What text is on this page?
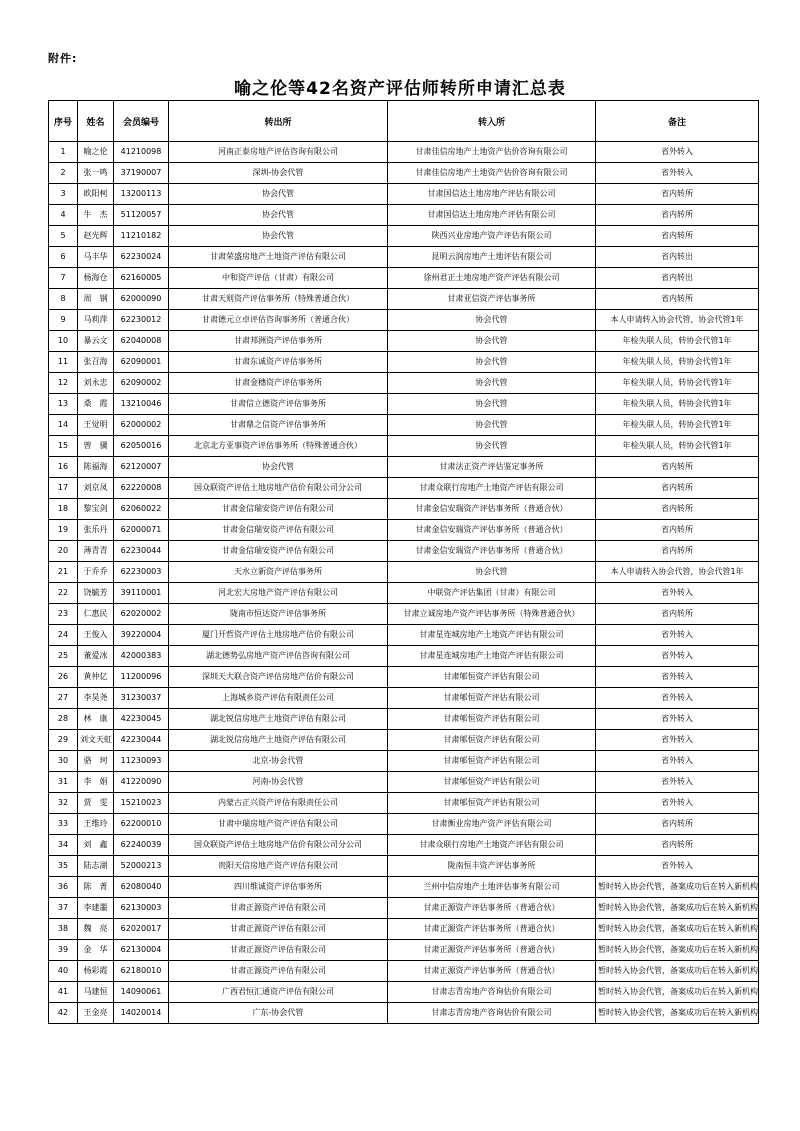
附件:
喻之伦等42名资产评估师转所申请汇总表
序号	姓名	会员编号	转出所	转入所	备注
1	喻之伦	41210098	河南正泰房地产评估咨询有限公司	甘肃佳信房地产土地资产估价咨询有限公司	省外转入
2	张一鸣	37190007	深圳-协会代管	甘肃佳信房地产土地资产估价咨询有限公司	省外转入
3	欧阳柯	13200113	协会代管	甘肃国信达土地房地产评估有限公司	省内转所
4	牛　杰	51120057	协会代管	甘肃国信达土地房地产评估有限公司	省内转所
5	赵光辉	11210182	协会代管	陕西兴业房地产资产评估有限公司	省内转所
6	马丰华	62230024	甘肃荣盛房地产土地资产评估有限公司	昆明云润房地产土地评估有限公司	省内转出
7	杨海仓	62160005	中和资产评估（甘肃）有限公司	徐州君正土地房地产资产评估有限公司	省内转出
8	周　钢	62000090	甘肃天则资产评估事务所（特殊普通合伙）	甘肃亚信资产评估事务所	省内转所
9	马莉萍	62230012	甘肃德元立卓评估咨询事务所（普通合伙）	协会代管	本人申请转入协会代管，协会代管1年
10	暴云文	62040008	甘肃邦洲资产评估事务所	协会代管	年检失联人员，转协会代管1年
11	张召海	62090001	甘肃东诚资产评估事务所	协会代管	年检失联人员，转协会代管1年
12	刘永忠	62090002	甘肃金穗资产评估事务所	协会代管	年检失联人员，转协会代管1年
13	桑　霞	13210046	甘肃信立德资产评估事务所	协会代管	年检失联人员，转协会代管1年
14	王觉明	62000002	甘肃鼎之信资产评估事务所	协会代管	年检失联人员，转协会代管1年
15	曾　骥	62050016	北京北方亚事资产评估事务所（特殊普通合伙）	协会代管	年检失联人员，转协会代管1年
16	陈福海	62120007	协会代管	甘肃法正资产评估鉴定事务所	省内转所
17	刘京凤	62220008	国众联资产评估土地房地产估价有限公司分公司	甘肃众联行房地产土地资产评估有限公司	省内转所
18	黎宝剑	62060022	甘肃金信瑞安资产评估有限公司	甘肃金信安瑞资产评估事务所（普通合伙）	省内转所
19	张乐丹	62000071	甘肃金信瑞安资产评估有限公司	甘肃金信安瑞资产评估事务所（普通合伙）	省内转所
20	薄青青	62230044	甘肃金信瑞安资产评估有限公司	甘肃金信安瑞资产评估事务所（普通合伙）	省内转所
21	于乔乔	62230003	天水立新资产评估事务所	协会代管	本人申请转入协会代管，协会代管1年
22	饶毓芳	39110001	河北宏大房地产资产评估有限公司	中联资产评估集团（甘肃）有限公司	省外转入
23	仁惠民	62020002	陇南市恒达资产评估事务所	甘肃立诚房地产资产评估事务所（特殊普通合伙）	省内转所
24	王俊入	39220004	厦门开哲资产评估土地房地产估价有限公司	甘肃星连城房地产土地资产评估有限公司	省外转入
25	董爱冰	42000383	湖北德势弘房地产资产评估咨询有限公司	甘肃星连城房地产土地资产评估有限公司	省外转入
26	黄仲亿	11200096	深圳天大联合资产评估房地产估价有限公司	甘肃郇恒资产评估有限公司	省外转入
27	李昊尧	31230037	上海城乡资产评估有限责任公司	甘肃郇恒资产评估有限公司	省外转入
28	林　康	42230045	湖北锐信房地产土地资产评估有限公司	甘肃郇恒资产评估有限公司	省外转入
29	刘文天虹	42230044	湖北锐信房地产土地资产评估有限公司	甘肃郇恒资产评估有限公司	省外转入
30	骆　珂	11230093	北京-协会代管	甘肃郇恒资产评估有限公司	省外转入
31	李　娟	41220090	河南-协会代管	甘肃郇恒资产评估有限公司	省外转入
32	贾　雯	15210023	内蒙古正兴资产评估有限责任公司	甘肃郇恒资产评估有限公司	省外转入
33	王维玲	62200010	甘肃中瑞房地产资产评估有限公司	甘肃衡业房地产资产评估有限公司	省内转所
34	刘　鑫	62240039	国众联资产评估土地房地产估价有限公司分公司	甘肃众联行房地产土地资产评估有限公司	省内转所
35	陆志湖	52000213	贵阳天信房地产资产评估有限公司	陇南恒丰资产评估事务所	省外转入
36	陈　菁	62080040	四川维诚资产评估事务所	兰州中信房地产土地评估事务有限公司	暂时转入协会代管，备案成功后在转入新机构
37	李建噩	62130003	甘肃正源资产评估有限公司	甘肃正源资产评估事务所（普通合伙）	暂时转入协会代管，备案成功后在转入新机构
38	魏　亮	62020017	甘肃正源资产评估有限公司	甘肃正源资产评估事务所（普通合伙）	暂时转入协会代管，备案成功后在转入新机构
39	金　华	62130004	甘肃正源资产评估有限公司	甘肃正源资产评估事务所（普通合伙）	暂时转入协会代管，备案成功后在转入新机构
40	杨彩霞	62180010	甘肃正源资产评估有限公司	甘肃正源资产评估事务所（普通合伙）	暂时转入协会代管，备案成功后在转入新机构
41	马建恒	14090061	广西君恒汇通资产评估有限公司	甘肃志青房地产咨询估价有限公司	暂时转入协会代管，备案成功后在转入新机构
42	王金亮	14020014	广东-协会代管	甘肃志青房地产咨询估价有限公司	暂时转入协会代管，备案成功后在转入新机构
